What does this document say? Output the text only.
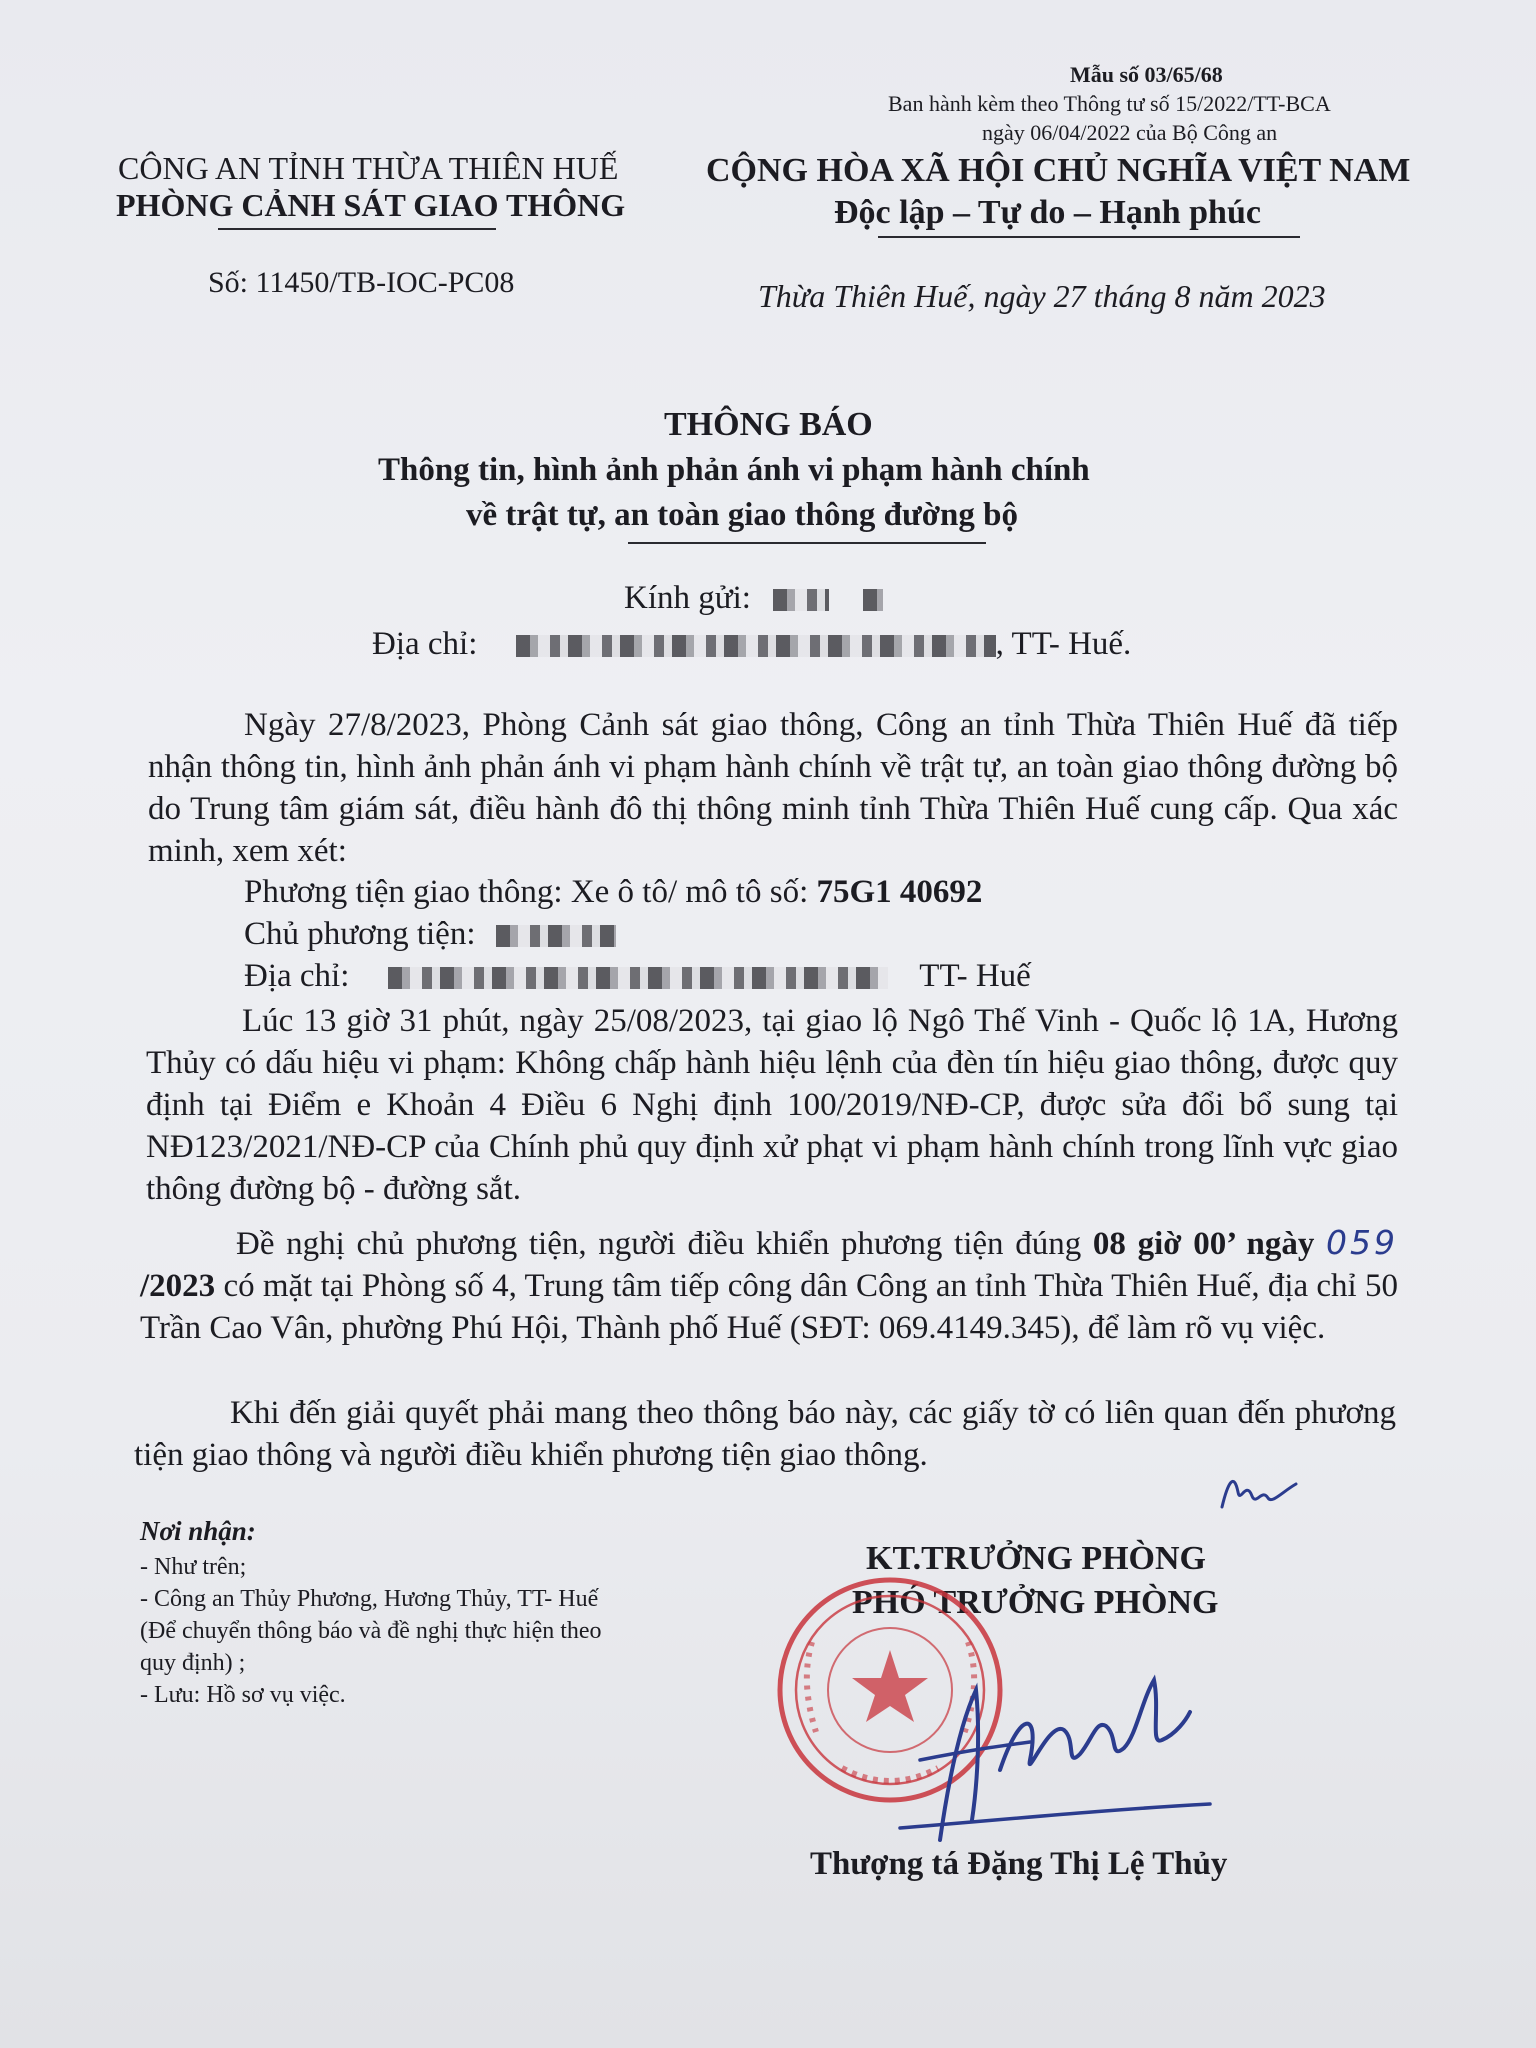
Mẫu số 03/65/68
Ban hành kèm theo Thông tư số 15/2022/TT-BCA
ngày 06/04/2022 của Bộ Công an
CÔNG AN TỈNH THỪA THIÊN HUẾ
PHÒNG CẢNH SÁT GIAO THÔNG
Số: 11450/TB-IOC-PC08
CỘNG HÒA XÃ HỘI CHỦ NGHĨA VIỆT NAM
Độc lập – Tự do – Hạnh phúc
Thừa Thiên Huế, ngày 27 tháng 8 năm 2023
THÔNG BÁO
Thông tin, hình ảnh phản ánh vi phạm hành chính
về trật tự, an toàn giao thông đường bộ
Kính gửi:
Địa chỉ:	, TT- Huế.

Ngày 27/8/2023, Phòng Cảnh sát giao thông, Công an tỉnh Thừa Thiên Huế đã tiếp nhận thông tin, hình ảnh phản ánh vi phạm hành chính về trật tự, an toàn giao thông đường bộ do Trung tâm giám sát, điều hành đô thị thông minh tỉnh Thừa Thiên Huế cung cấp. Qua xác minh, xem xét:

Phương tiện giao thông: Xe ô tô/ mô tô số: 75G1 40692
Chủ phương tiện:
Địa chỉ:	TT- Huế

Lúc 13 giờ 31 phút, ngày 25/08/2023, tại giao lộ Ngô Thế Vinh - Quốc lộ 1A, Hương Thủy có dấu hiệu vi phạm: Không chấp hành hiệu lệnh của đèn tín hiệu giao thông, được quy định tại Điểm e Khoản 4 Điều 6 Nghị định 100/2019/NĐ-CP, được sửa đổi bổ sung tại NĐ123/2021/NĐ-CP của Chính phủ quy định xử phạt vi phạm hành chính trong lĩnh vực giao thông đường bộ - đường sắt.

Đề nghị chủ phương tiện, người điều khiển phương tiện đúng 08 giờ 00’ ngày 059 /2023 có mặt tại Phòng số 4, Trung tâm tiếp công dân Công an tỉnh Thừa Thiên Huế, địa chỉ 50 Trần Cao Vân, phường Phú Hội, Thành phố Huế (SĐT: 069.4149.345), để làm rõ vụ việc.

Khi đến giải quyết phải mang theo thông báo này, các giấy tờ có liên quan đến phương tiện giao thông và người điều khiển phương tiện giao thông.

Nơi nhận:
- Như trên;
- Công an Thủy Phương, Hương Thủy, TT- Huế
(Để chuyển thông báo và đề nghị thực hiện theo
quy định) ;
- Lưu: Hồ sơ vụ việc.
KT.TRƯỞNG PHÒNG
PHÓ TRƯỞNG PHÒNG
Thượng tá Đặng Thị Lệ Thủy
